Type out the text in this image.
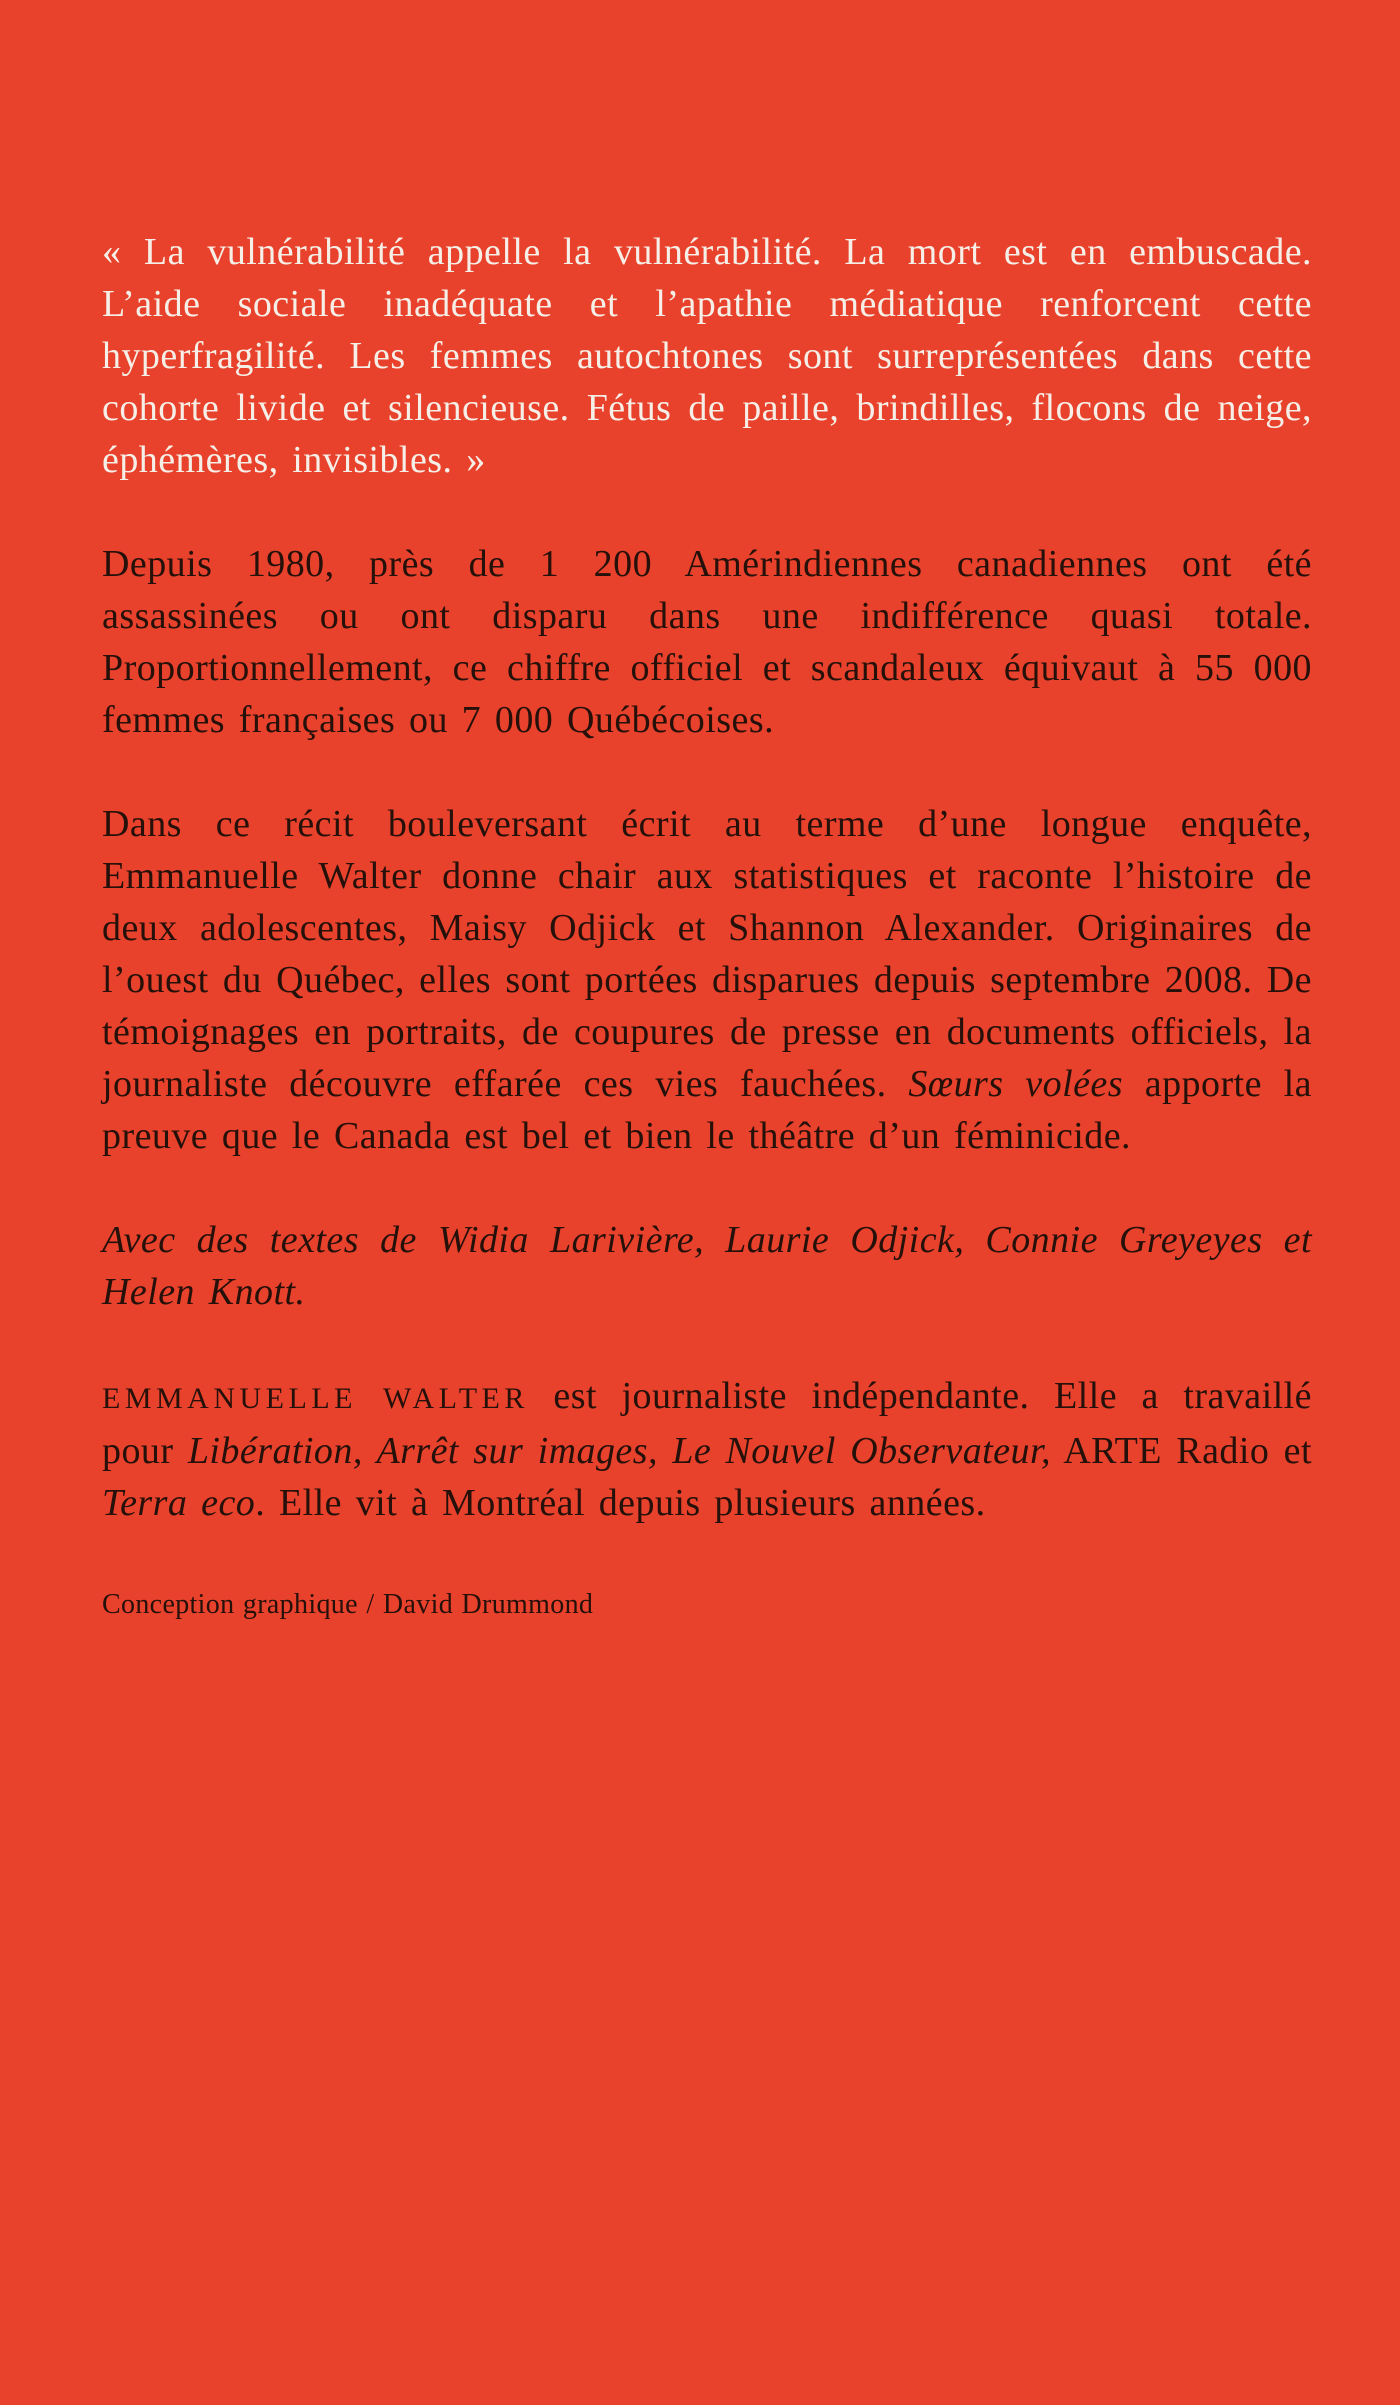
« La vulnérabilité appelle la vulnérabilité. La mort est en embuscade. L’aide sociale inadéquate et l’apathie médiatique renforcent cette hyperfragilité. Les femmes autochtones sont surreprésentées dans cette cohorte livide et silencieuse. Fétus de paille, brindilles, flocons de neige, éphémères, invisibles. »

Depuis 1980, près de 1 200 Amérindiennes canadiennes ont été assassinées ou ont disparu dans une indifférence quasi totale. Proportionnellement, ce chiffre officiel et scandaleux équivaut à 55 000 femmes françaises ou 7 000 Québécoises.

Dans ce récit bouleversant écrit au terme d’une longue enquête, Emmanuelle Walter donne chair aux statistiques et raconte l’histoire de deux adolescentes, Maisy Odjick et Shannon Alexander. Originaires de l’ouest du Québec, elles sont portées disparues depuis septembre 2008. De témoignages en portraits, de coupures de presse en documents officiels, la journaliste découvre effarée ces vies fauchées. Sœurs volées apporte la preuve que le Canada est bel et bien le théâtre d’un féminicide.

Avec des textes de Widia Larivière, Laurie Odjick, Connie Greyeyes et Helen Knott.

EMMANUELLE WALTER est journaliste indépendante. Elle a travaillé pour Libération, Arrêt sur images, Le Nouvel Observateur, ARTE Radio et Terra eco. Elle vit à Montréal depuis plusieurs années.

Conception graphique / David Drummond
